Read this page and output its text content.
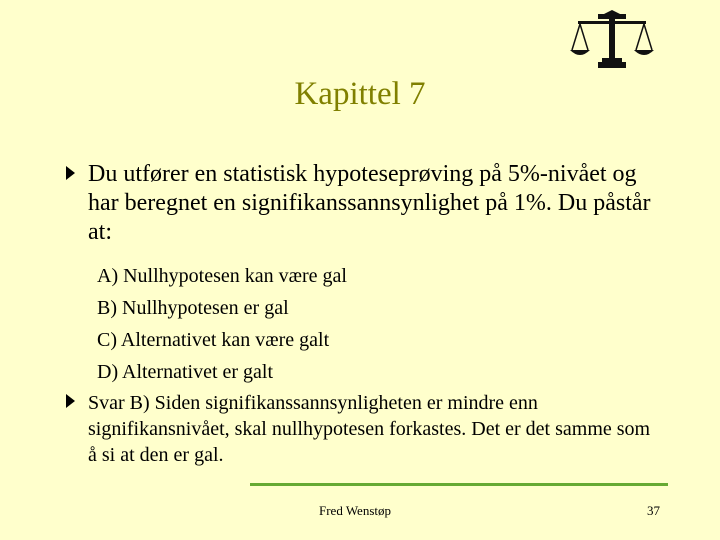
Kapittel 7
Du utfører en statistisk hypoteseprøving på 5%-nivået og har beregnet en signifikanssannsynlighet på 1%. Du påstår at:
A) Nullhypotesen kan være gal
B) Nullhypotesen er gal
C) Alternativet kan være galt
D) Alternativet er galt
Svar B) Siden signifikanssannsynligheten er mindre enn signifikansnivået, skal nullhypotesen forkastes. Det er det samme som å si at den er gal.
Fred Wenstøp	37
